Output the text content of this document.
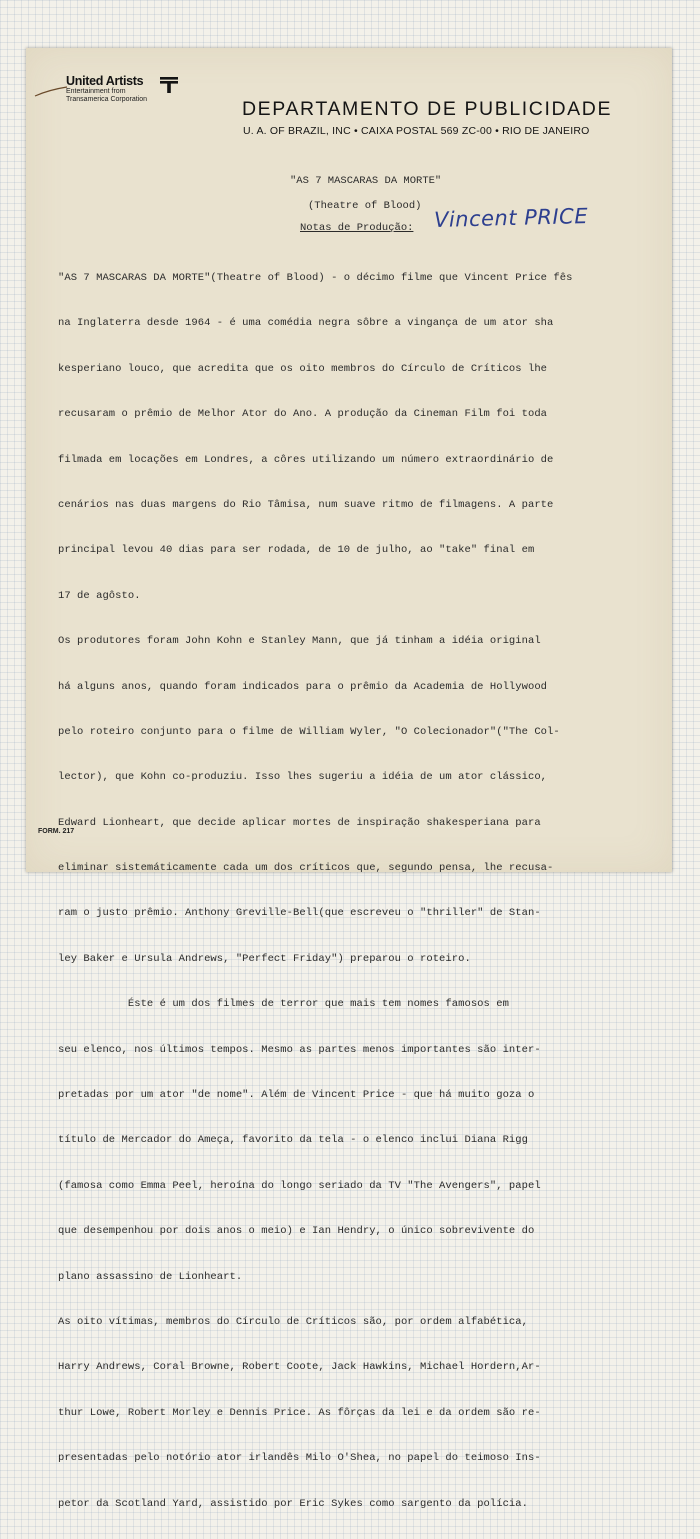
United Artists
Entertainment from
Transamerica Corporation	DEPARTAMENTO DE PUBLICIDADE
U. A. OF BRAZIL, INC • CAIXA POSTAL 569 ZC-00 • RIO DE JANEIRO
"AS 7 MASCARAS DA MORTE"
(Theatre of Blood)
Notas de Produção: Vincent PRICE

"AS 7 MASCARAS DA MORTE"(Theatre of Blood) - o décimo filme que Vincent Price fês

na Inglaterra desde 1964 - é uma comédia negra sôbre a vingança de um ator sha

kesperiano louco, que acredita que os oito membros do Círculo de Críticos lhe

recusaram o prêmio de Melhor Ator do Ano. A produção da Cineman Film foi toda

filmada em locações em Londres, a côres utilizando um número extraordinário de

cenários nas duas margens do Rio Tâmisa, num suave ritmo de filmagens. A parte

principal levou 40 dias para ser rodada, de 10 de julho, ao "take" final em

17 de agôsto.

Os produtores foram John Kohn e Stanley Mann, que já tinham a idéia original

há alguns anos, quando foram indicados para o prêmio da Academia de Hollywood

pelo roteiro conjunto para o filme de William Wyler, "O Colecionador"("The Col-

lector), que Kohn co-produziu. Isso lhes sugeriu a idéia de um ator clássico,

Edward Lionheart, que decide aplicar mortes de inspiração shakesperiana para

eliminar sistemáticamente cada um dos críticos que, segundo pensa, lhe recusa-

ram o justo prêmio. Anthony Greville-Bell(que escreveu o "thriller" de Stan-

ley Baker e Ursula Andrews, "Perfect Friday") preparou o roteiro.

Éste é um dos filmes de terror que mais tem nomes famosos em

seu elenco, nos últimos tempos. Mesmo as partes menos importantes são inter-

pretadas por um ator "de nome". Além de Vincent Price - que há muito goza o

título de Mercador do Ameça, favorito da tela - o elenco inclui Diana Rigg

(famosa como Emma Peel, heroína do longo seriado da TV "The Avengers", papel

que desempenhou por dois anos o meio) e Ian Hendry, o único sobrevivente do

plano assassino de Lionheart.

As oito vítimas, membros do Círculo de Críticos são, por ordem alfabética,

Harry Andrews, Coral Browne, Robert Coote, Jack Hawkins, Michael Hordern,Ar-

thur Lowe, Robert Morley e Dennis Price. As fôrças da lei e da ordem são re-

presentadas pelo notório ator irlandês Milo O'Shea, no papel do teimoso Ins-

petor da Scotland Yard, assistido por Eric Sykes como sargento da polícia.

FORM. 217
